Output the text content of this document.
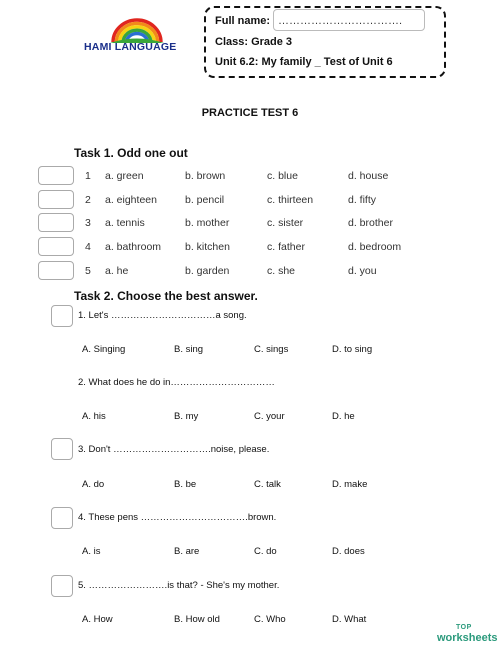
HAMI LANGUAGE
Full name: …………………………….
Class: Grade 3
Unit 6.2: My family _ Test of Unit 6
PRACTICE TEST 6
Task 1. Odd one out
1 a. green	b. brown	c. blue	d. house
2 a. eighteen	b. pencil	c. thirteen	d. fifty
3 a. tennis	b. mother	c. sister	d. brother
4 a. bathroom b. kitchen	c. father	d. bedroom
5 a. he	b. garden	c. she	d. you
Task 2. Choose the best answer.
1. Let's ……………………………a song.
A. Singing	B. sing	C. sings	D. to sing
2. What does he do in……………………………
A. his	B. my	C. your	D. he
3. Don't ………………………….noise, please.
A. do	B. be	C. talk	D. make
4. These pens …………………………….brown.
A. is	B. are	C. do	D. does
5. …………………….is that? - She's my mother.
A. How	B. How old	C. Who	D. What
TOP
worksheets
